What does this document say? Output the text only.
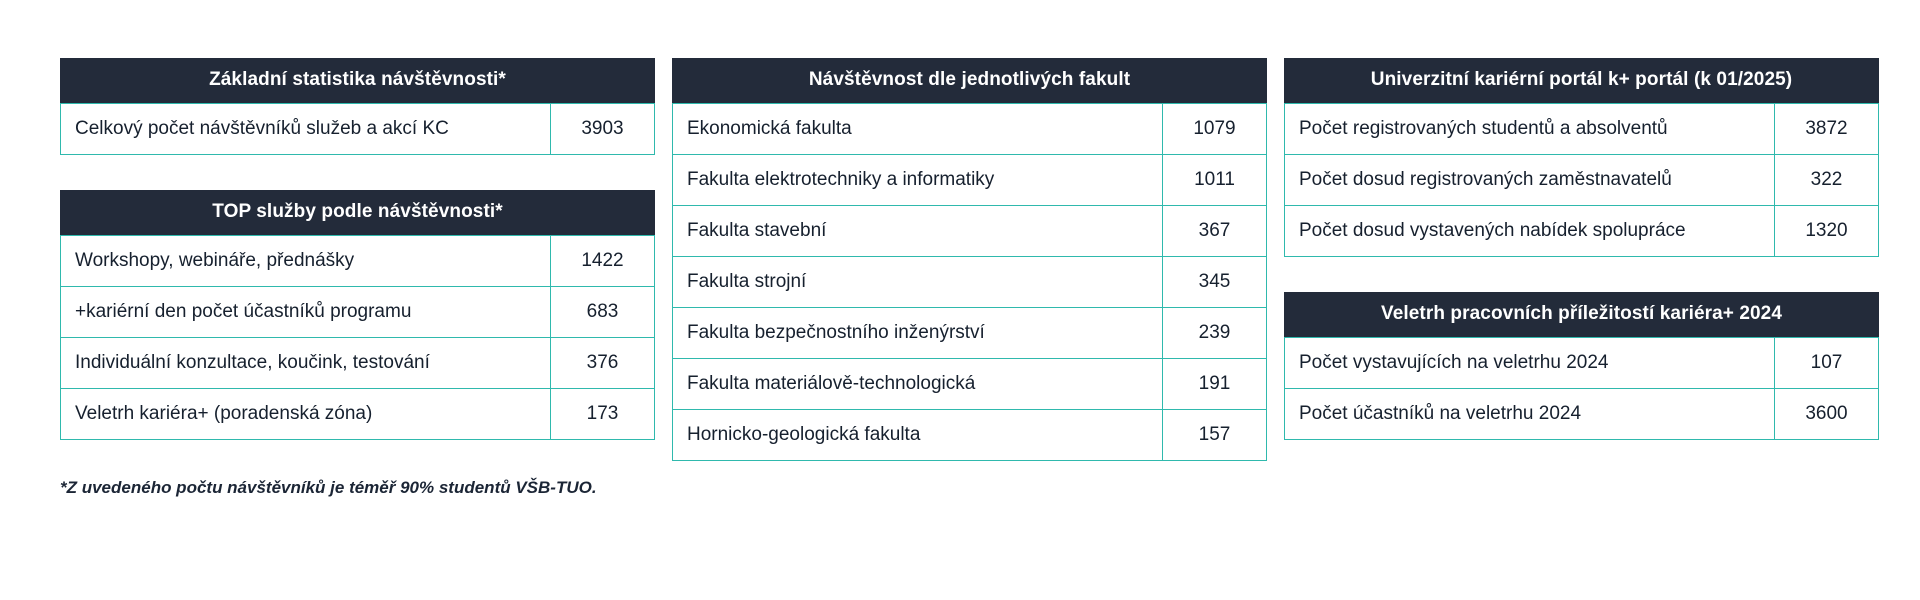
Základní statistika návštěvnosti*
Celkový počet návštěvníků služeb a akcí KC	3903
TOP služby podle návštěvnosti*
Workshopy, webináře, přednášky	1422
+kariérní den počet účastníků programu	683
Individuální konzultace, koučink, testování	376
Veletrh kariéra+ (poradenská zóna)	173
Návštěvnost dle jednotlivých fakult
Ekonomická fakulta	1079
Fakulta elektrotechniky a informatiky	1011
Fakulta stavební	367
Fakulta strojní	345
Fakulta bezpečnostního inženýrství	239
Fakulta materiálově-technologická	191
Hornicko-geologická fakulta	157
Univerzitní kariérní portál k+ portál (k 01/2025)
Počet registrovaných studentů a absolventů	3872
Počet dosud registrovaných zaměstnavatelů	322
Počet dosud vystavených nabídek spolupráce	1320
Veletrh pracovních příležitostí kariéra+ 2024
Počet vystavujících na veletrhu 2024	107
Počet účastníků na veletrhu 2024	3600
*Z uvedeného počtu návštěvníků je téměř 90% studentů VŠB-TUO.
